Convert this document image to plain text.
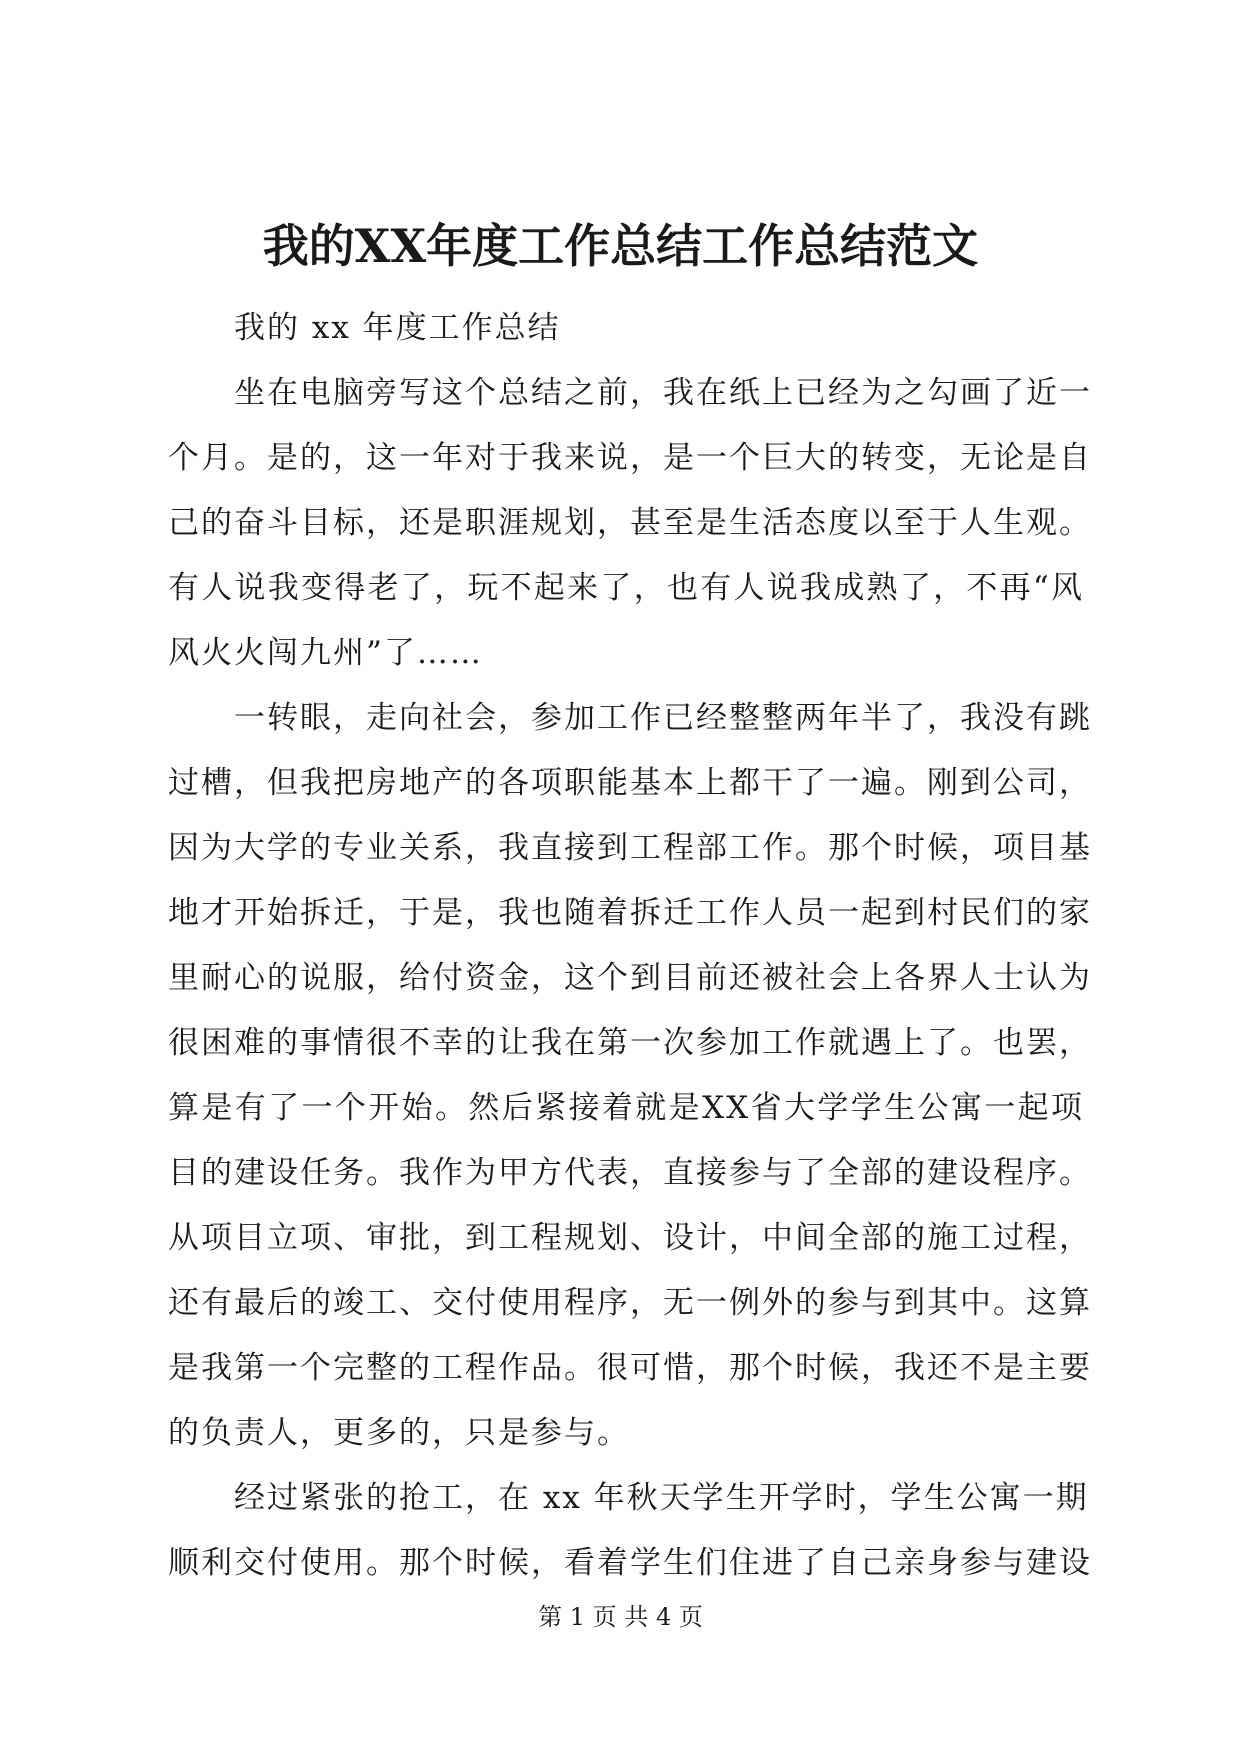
我的XX年度工作总结工作总结范文
我的 xx 年度工作总结
坐在电脑旁写这个总结之前，我在纸上已经为之勾画了近一
个月。是的，这一年对于我来说，是一个巨大的转变，无论是自
己的奋斗目标，还是职涯规划，甚至是生活态度以至于人生观。
有人说我变得老了，玩不起来了，也有人说我成熟了，不再“风
风火火闯九州”了……
一转眼，走向社会，参加工作已经整整两年半了，我没有跳
过槽，但我把房地产的各项职能基本上都干了一遍。刚到公司，
因为大学的专业关系，我直接到工程部工作。那个时候，项目基
地才开始拆迁，于是，我也随着拆迁工作人员一起到村民们的家
里耐心的说服，给付资金，这个到目前还被社会上各界人士认为
很困难的事情很不幸的让我在第一次参加工作就遇上了。也罢，
算是有了一个开始。然后紧接着就是XX省大学学生公寓一起项
目的建设任务。我作为甲方代表，直接参与了全部的建设程序。
从项目立项、审批，到工程规划、设计，中间全部的施工过程，
还有最后的竣工、交付使用程序，无一例外的参与到其中。这算
是我第一个完整的工程作品。很可惜，那个时候，我还不是主要
的负责人，更多的，只是参与。
经过紧张的抢工，在 xx 年秋天学生开学时，学生公寓一期
顺利交付使用。那个时候，看着学生们住进了自己亲身参与建设
第 1 页 共 4 页
